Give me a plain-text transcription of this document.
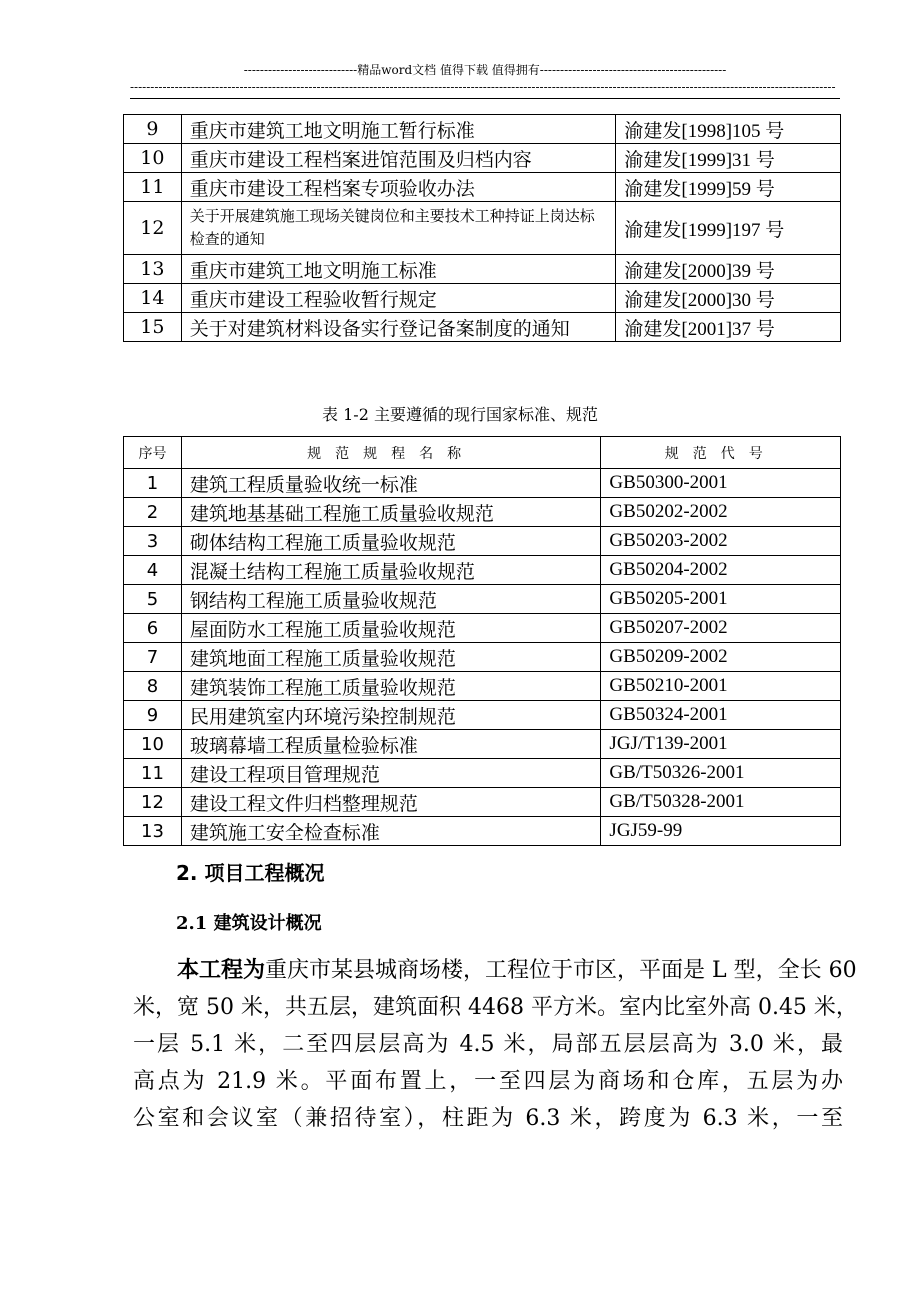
----------------------------精品word文档 值得下载 值得拥有----------------------------------------------
------------------------------------------------------------------------------------------------------------------------------------------------------------------------------
9	重庆市建筑工地文明施工暂行标准	渝建发[1998]105 号
10	重庆市建设工程档案进馆范围及归档内容	渝建发[1999]31 号
11	重庆市建设工程档案专项验收办法	渝建发[1999]59 号
12	关于开展建筑施工现场关键岗位和主要技术工种持证上岗达标检查的通知	渝建发[1999]197 号
13	重庆市建筑工地文明施工标准	渝建发[2000]39 号
14	重庆市建设工程验收暂行规定	渝建发[2000]30 号
15	关于对建筑材料设备实行登记备案制度的通知	渝建发[2001]37 号
表 1-2 主要遵循的现行国家标准、规范
序号	规范规程名称	规范代号
1	建筑工程质量验收统一标准	GB50300-2001
2	建筑地基基础工程施工质量验收规范	GB50202-2002
3	砌体结构工程施工质量验收规范	GB50203-2002
4	混凝土结构工程施工质量验收规范	GB50204-2002
5	钢结构工程施工质量验收规范	GB50205-2001
6	屋面防水工程施工质量验收规范	GB50207-2002
7	建筑地面工程施工质量验收规范	GB50209-2002
8	建筑装饰工程施工质量验收规范	GB50210-2001
9	民用建筑室内环境污染控制规范	GB50324-2001
10	玻璃幕墙工程质量检验标准	JGJ/T139-2001
11	建设工程项目管理规范	GB/T50326-2001
12	建设工程文件归档整理规范	GB/T50328-2001
13	建筑施工安全检查标准	JGJ59-99
2. 项目工程概况
2.1 建筑设计概况
本工程为重庆市某县城商场楼，工程位于市区，平面是 L 型，全长 60
米，宽 50 米，共五层，建筑面积 4468 平方米。室内比室外高 0.45 米，
一层 5.1 米，二至四层层高为 4.5 米，局部五层层高为 3.0 米，最
高点为 21.9 米。平面布置上，一至四层为商场和仓库，五层为办
公室和会议室（兼招待室），柱距为 6.3 米，跨度为 6.3 米，一至
